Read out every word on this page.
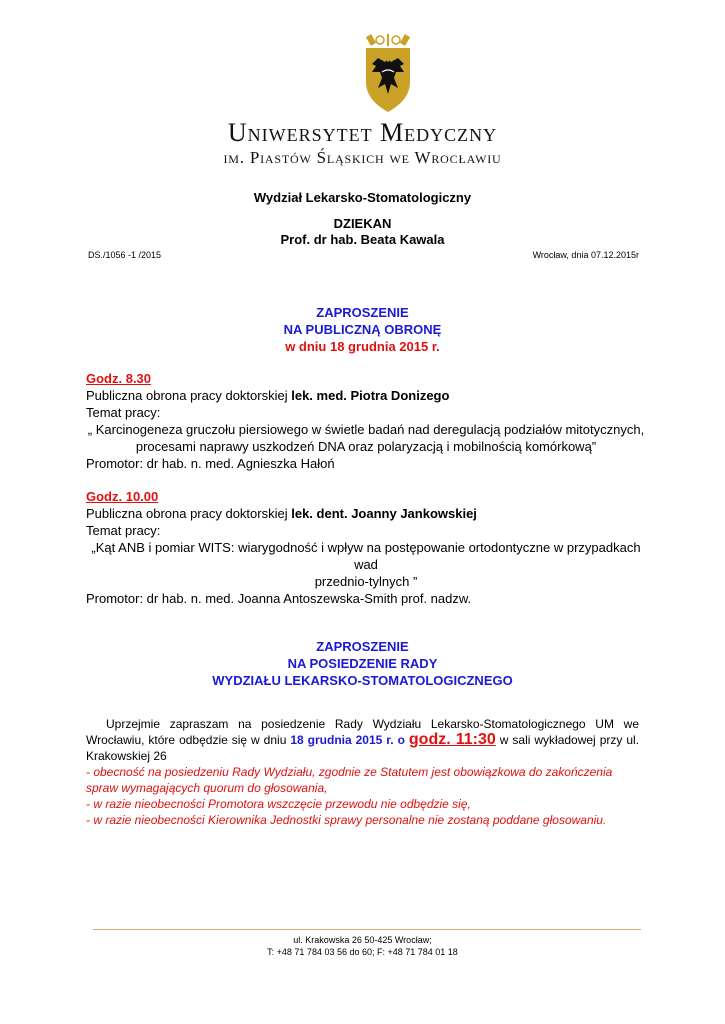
Uniwersytet Medyczny
im. Piastów Śląskich we Wrocławiu
Wydział Lekarsko-Stomatologiczny
DZIEKAN
Prof. dr hab. Beata Kawala
DS./1056 -1 /2015	Wrocław, dnia 07.12.2015r
ZAPROSZENIE
NA PUBLICZNĄ OBRONĘ
w dniu 18 grudnia 2015 r.
Godz. 8.30
Publiczna obrona pracy doktorskiej lek. med. Piotra Donizego
Temat pracy:
„ Karcinogeneza gruczołu piersiowego w świetle badań nad deregulacją podziałów mitotycznych,
procesami naprawy uszkodzeń DNA oraz polaryzacją i mobilnością komórkową”
Promotor: dr hab. n. med. Agnieszka Hałoń
Godz. 10.00
Publiczna obrona pracy doktorskiej lek. dent. Joanny Jankowskiej
Temat pracy:
„Kąt ANB i pomiar WITS: wiarygodność i wpływ na postępowanie ortodontyczne w przypadkach wad
przednio-tylnych ”
Promotor: dr hab. n. med. Joanna Antoszewska-Smith prof. nadzw.
ZAPROSZENIE
NA POSIEDZENIE RADY
WYDZIAŁU LEKARSKO-STOMATOLOGICZNEGO
Uprzejmie zapraszam na posiedzenie Rady Wydziału Lekarsko-Stomatologicznego UM we Wrocławiu, które odbędzie się w dniu 18 grudnia 2015 r. o godz. 11:30 w sali wykładowej przy ul. Krakowskiej 26
- obecność na posiedzeniu Rady Wydziału, zgodnie ze Statutem jest obowiązkowa do zakończenia spraw wymagających quorum do głosowania,
- w razie nieobecności Promotora wszczęcie przewodu nie odbędzie się,
- w razie nieobecności Kierownika Jednostki sprawy personalne nie zostaną poddane głosowaniu.
ul. Krakowska 26 50-425 Wrocław;
T: +48 71 784 03 56 do 60; F: +48 71 784 01 18
